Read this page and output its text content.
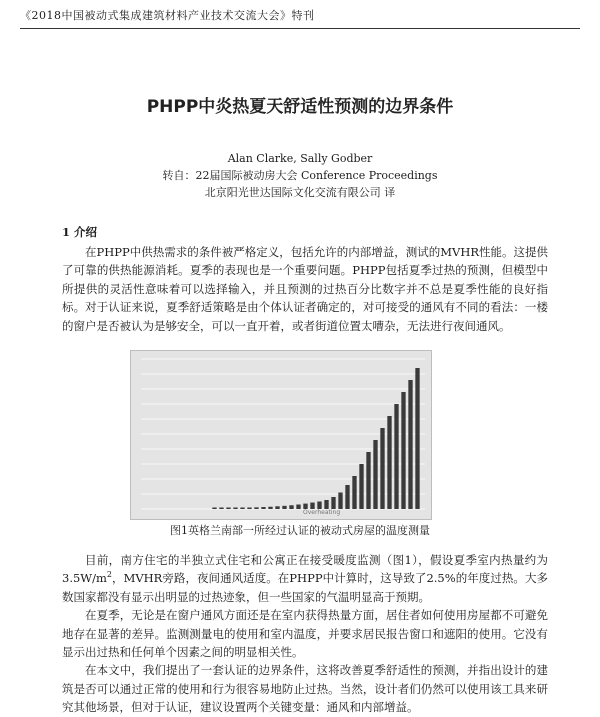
《2018中国被动式集成建筑材料产业技术交流大会》特刊
PHPP中炎热夏天舒适性预测的边界条件
Alan Clarke, Sally Godber
转自：22届国际被动房大会 Conference Proceedings
北京阳光世达国际文化交流有限公司 译
1 介绍

在PHPP中供热需求的条件被严格定义，包括允许的内部增益，测试的MVHR性能。这提供了可靠的供热能源消耗。夏季的表现也是一个重要问题。PHPP包括夏季过热的预测，但模型中所提供的灵活性意味着可以选择输入，并且预测的过热百分比数字并不总是夏季性能的良好指标。对于认证来说，夏季舒适策略是由个体认证者确定的，对可接受的通风有不同的看法：一楼的窗户是否被认为是够安全，可以一直开着，或者街道位置太嘈杂，无法进行夜间通风。

Overheating
图1英格兰南部一所经过认证的被动式房屋的温度测量

目前，南方住宅的半独立式住宅和公寓正在接受暖度监测（图1），假设夏季室内热量约为$3.5W/m^2$，MVHR旁路，夜间通风适度。在PHPP中计算时，这导致了2.5%的年度过热。大多数国家都没有显示出明显的过热迹象，但一些国家的气温明显高于预期。

在夏季，无论是在窗户通风方面还是在室内获得热量方面，居住者如何使用房屋都不可避免地存在显著的差异。监测测量电的使用和室内温度，并要求居民报告窗口和遮阳的使用。它没有显示出过热和任何单个因素之间的明显相关性。

在本文中，我们提出了一套认证的边界条件，这将改善夏季舒适性的预测，并指出设计的建筑是否可以通过正常的使用和行为很容易地防止过热。当然，设计者们仍然可以使用该工具来研究其他场景，但对于认证，建议设置两个关键变量：通风和内部增益。
